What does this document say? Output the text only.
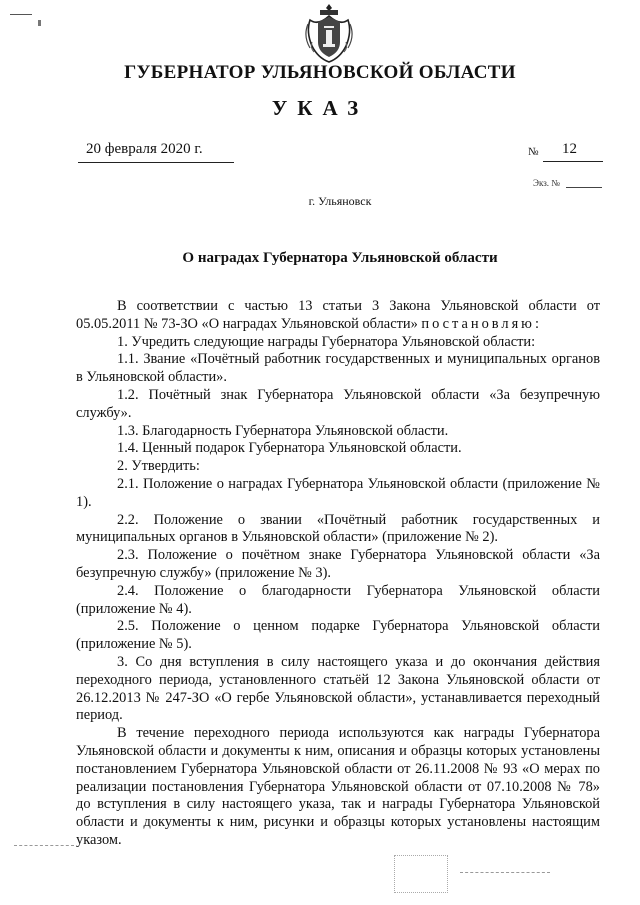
ГУБЕРНАТОР УЛЬЯНОВСКОЙ ОБЛАСТИ
УКАЗ
20 февраля 2020 г.	№ 12
Экз. №
г. Ульяновск
О наградах Губернатора Ульяновской области

В соответствии с частью 13 статьи 3 Закона Ульяновской области от 05.05.2011 № 73-ЗО «О наградах Ульяновской области» постановляю:

1. Учредить следующие награды Губернатора Ульяновской области:

1.1. Звание «Почётный работник государственных и муниципальных органов в Ульяновской области».

1.2. Почётный знак Губернатора Ульяновской области «За безупречную службу».

1.3. Благодарность Губернатора Ульяновской области.

1.4. Ценный подарок Губернатора Ульяновской области.

2. Утвердить:

2.1. Положение о наградах Губернатора Ульяновской области (приложение № 1).

2.2. Положение о звании «Почётный работник государственных и муниципальных органов в Ульяновской области» (приложение № 2).

2.3. Положение о почётном знаке Губернатора Ульяновской области «За безупречную службу» (приложение № 3).

2.4. Положение о благодарности Губернатора Ульяновской области (приложение № 4).

2.5. Положение о ценном подарке Губернатора Ульяновской области (приложение № 5).

3. Со дня вступления в силу настоящего указа и до окончания действия переходного периода, установленного статьёй 12 Закона Ульяновской области от 26.12.2013 № 247-ЗО «О гербе Ульяновской области», устанавливается переходный период.

В течение переходного периода используются как награды Губернатора Ульяновской области и документы к ним, описания и образцы которых установлены постановлением Губернатора Ульяновской области от 26.11.2008 № 93 «О мерах по реализации постановления Губернатора Ульяновской области от 07.10.2008 № 78» до вступления в силу настоящего указа, так и награды Губернатора Ульяновской области и документы к ним, рисунки и образцы которых установлены настоящим указом.
